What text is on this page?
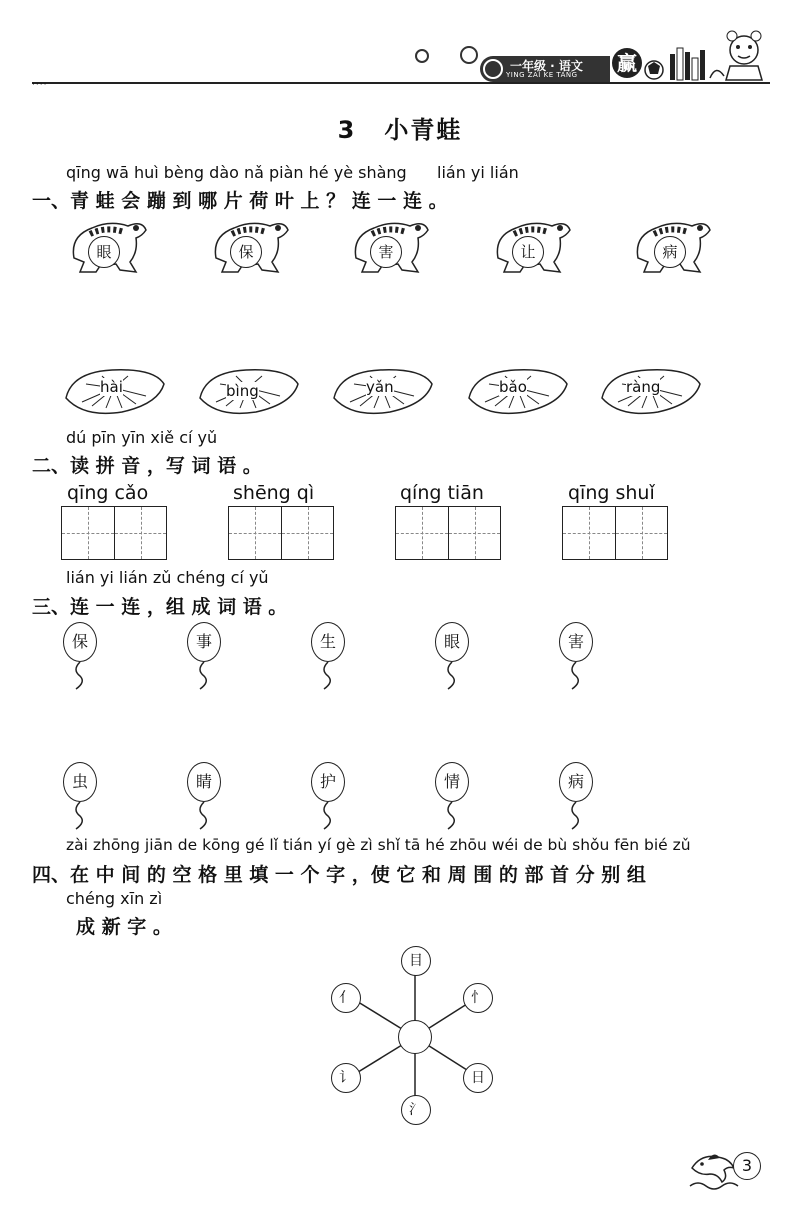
····
一年级 · 语文
YING ZAI KE TANG 赢
3 小青蛙
qīng wā huì bèng dào nǎ piàn hé yè shàng lián yi lián
一、青 蛙 会 蹦 到 哪 片 荷 叶 上 ？ 连 一 连 。
眼	保	害	让	病
hài	bìng	yǎn	bǎo	ràng
dú pīn yīn xiě cí yǔ
二、读 拼 音 ，写 词 语 。
qīng cǎo	shēng qì	qíng tiān	qīng shuǐ
lián yi lián zǔ chéng cí yǔ
三、连 一 连 ，组 成 词 语 。
保	事	生	眼	害
虫	睛	护	情	病
zài zhōng jiān de kōng gé lǐ tián yí gè zì shǐ tā hé zhōu wéi de bù shǒu fēn bié zǔ
四、在 中 间 的 空 格 里 填 一 个 字 ，使 它 和 周 围 的 部 首 分 别 组
chéng xīn zì
成 新 字 。
目
亻	忄
讠	日
氵
3
